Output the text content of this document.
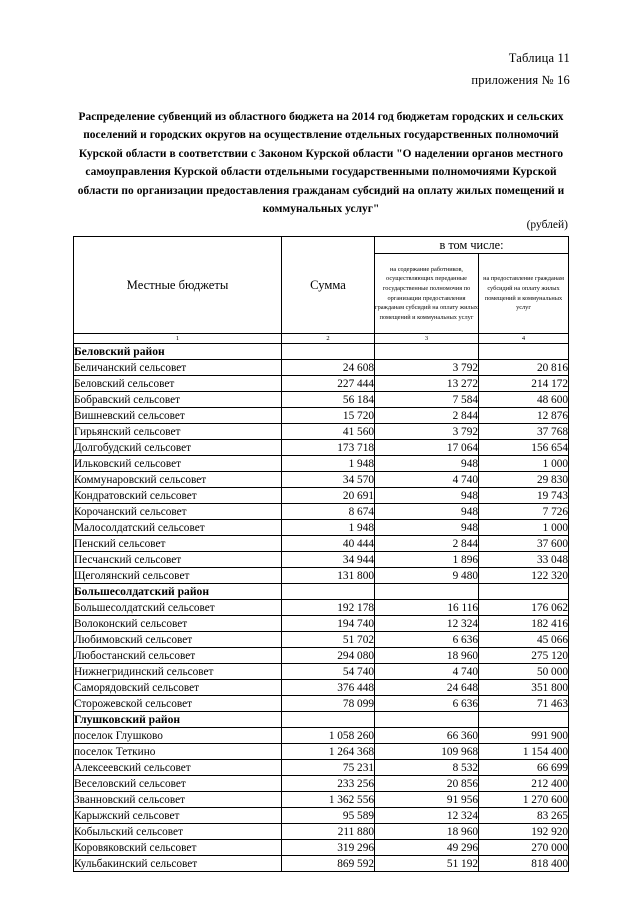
Таблица 11
приложения № 16
Распределение субвенций из областного бюджета на 2014 год бюджетам городских и сельских поселений и городских округов на осуществление отдельных государственных полномочий Курской области в соответствии с Законом Курской области "О наделении органов местного самоуправления Курской области отдельными государственными полномочиями Курской области по организации предоставления гражданам субсидий на оплату жилых помещений и коммунальных услуг"
(рублей)
Местные бюджеты	Сумма	в том числе:	
		на содержание работников, осуществляющих переданные государственные полномочия по организации предоставления гражданам субсидий на оплату жилых помещений и коммунальных услуг	на предоставление гражданам субсидий на оплату жилых помещений и коммунальных услуг
1	2	3	4
Беловский район			
Беличанский сельсовет	24 608	3 792	20 816
Беловский сельсовет	227 444	13 272	214 172
Бобравский сельсовет	56 184	7 584	48 600
Вишневский сельсовет	15 720	2 844	12 876
Гирьянский сельсовет	41 560	3 792	37 768
Долгобудский сельсовет	173 718	17 064	156 654
Ильковский сельсовет	1 948	948	1 000
Коммунаровский сельсовет	34 570	4 740	29 830
Кондратовский сельсовет	20 691	948	19 743
Корочанский сельсовет	8 674	948	7 726
Малосолдатский сельсовет	1 948	948	1 000
Пенский сельсовет	40 444	2 844	37 600
Песчанский сельсовет	34 944	1 896	33 048
Щеголянский сельсовет	131 800	9 480	122 320
Большесолдатский район			
Большесолдатский сельсовет	192 178	16 116	176 062
Волоконский сельсовет	194 740	12 324	182 416
Любимовский сельсовет	51 702	6 636	45 066
Любостанский сельсовет	294 080	18 960	275 120
Нижнегридинский сельсовет	54 740	4 740	50 000
Саморядовский сельсовет	376 448	24 648	351 800
Сторожевской сельсовет	78 099	6 636	71 463
Глушковский район			
поселок Глушково	1 058 260	66 360	991 900
поселок Теткино	1 264 368	109 968	1 154 400
Алексеевский сельсовет	75 231	8 532	66 699
Веселовский сельсовет	233 256	20 856	212 400
Званновский сельсовет	1 362 556	91 956	1 270 600
Карыжский сельсовет	95 589	12 324	83 265
Кобыльский сельсовет	211 880	18 960	192 920
Коровяковский сельсовет	319 296	49 296	270 000
Кульбакинский сельсовет	869 592	51 192	818 400
